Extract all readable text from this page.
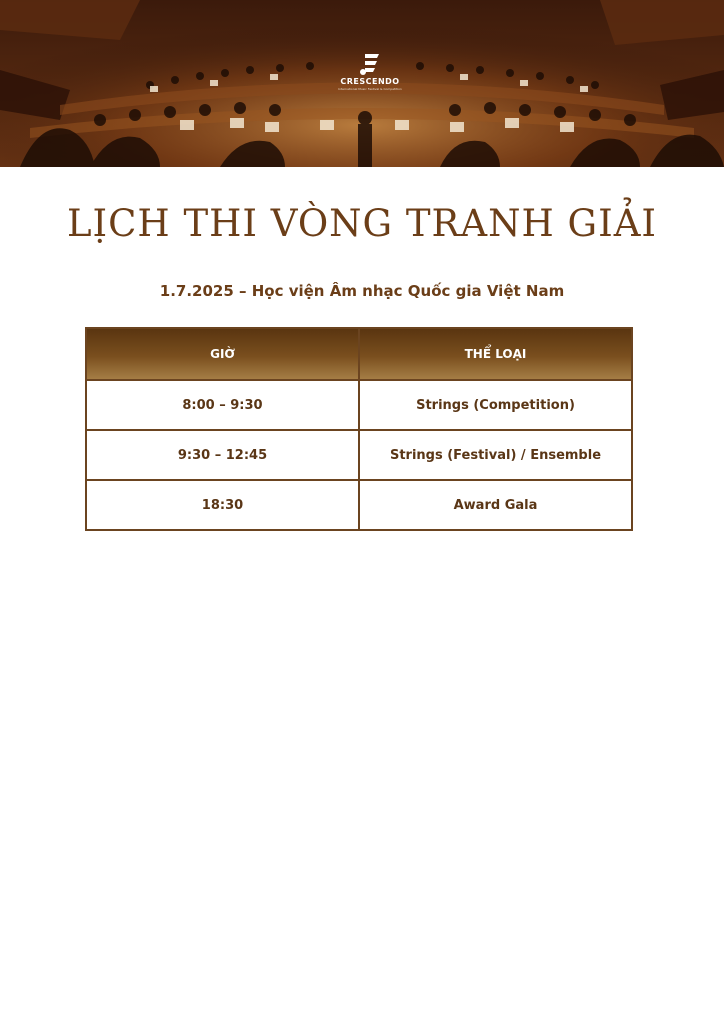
CRESCENDO
International Music Festival & Competition
LỊCH THI VÒNG TRANH GIẢI

1.7.2025 – Học viện Âm nhạc Quốc gia Việt Nam

GIỜ	THỂ LOẠI
8:00 – 9:30	Strings (Competition)
9:30 – 12:45	Strings (Festival) / Ensemble
18:30	Award Gala
